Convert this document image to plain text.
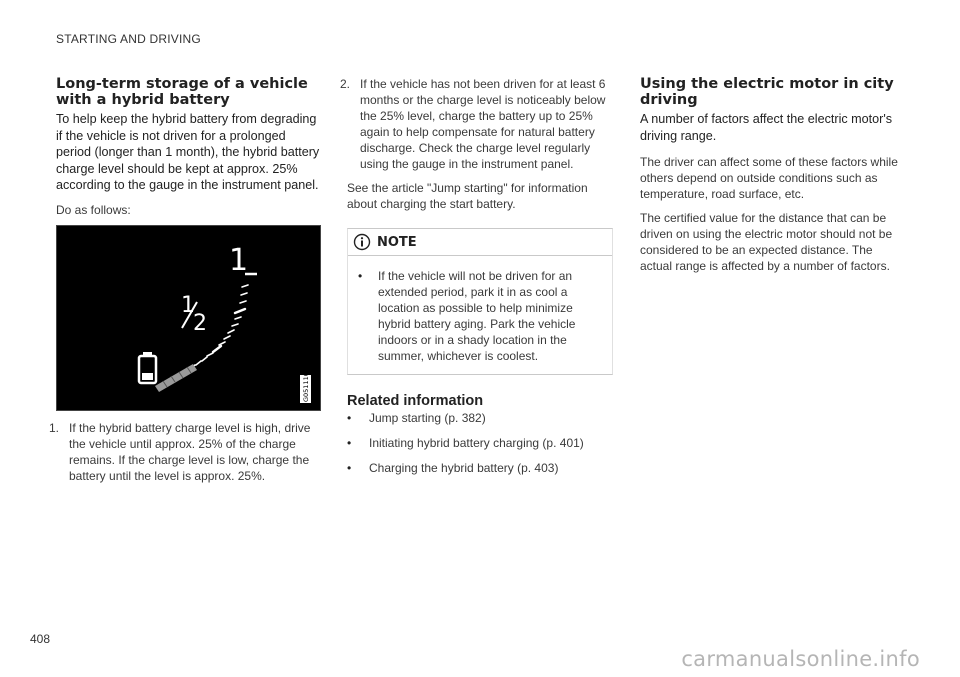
STARTING AND DRIVING
Long-term storage of a vehicle with a hybrid battery

To help keep the hybrid battery from degrading if the vehicle is not driven for a prolonged period (longer than 1 month), the hybrid battery charge level should be kept at approx. 25% according to the gauge in the instrument panel.

Do as follows:

1
1
2
G051110
1. If the hybrid battery charge level is high, drive the vehicle until approx. 25% of the charge remains. If the charge level is low, charge the battery until the level is approx. 25%.
2. If the vehicle has not been driven for at least 6 months or the charge level is noticeably below the 25% level, charge the battery up to 25% again to help compensate for natural battery discharge. Check the charge level regularly using the gauge in the instrument panel.

See the article "Jump starting" for information about charging the start battery.

NOTE
• If the vehicle will not be driven for an extended period, park it in as cool a location as possible to help minimize hybrid battery aging. Park the vehicle indoors or in a shady location in the summer, whichever is coolest.
Related information
• Jump starting (p. 382)
• Initiating hybrid battery charging (p. 401)
• Charging the hybrid battery (p. 403)
Using the electric motor in city driving

A number of factors affect the electric motor's driving range.

The driver can affect some of these factors while others depend on outside conditions such as temperature, road surface, etc.

The certified value for the distance that can be driven on using the electric motor should not be considered to be an expected distance. The actual range is affected by a number of factors.

408
carmanualsonline.info
